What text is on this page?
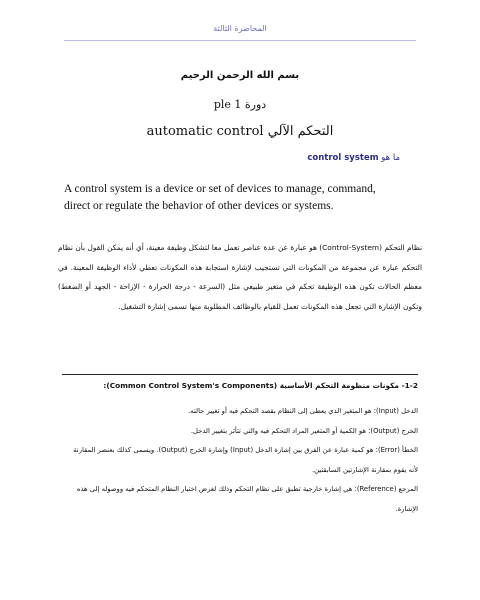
المحاضرة الثالثة
بسم الله الرحمن الرحيم
دورة ple 1
التحكم الآلي automatic control
ما هو control system
A control system is a device or set of devices to manage, command, direct or regulate the behavior of other devices or systems.
نظام التحكم (Control-System) هو عبارة عن عدة عناصر تعمل معا لتشكل وظيفة معينة، أي أنه يمكن القول بأن نظام التحكم عبارة عن مجموعة من المكونات التي تستجيب لإشارة استجابة هذه المكونات تعطي لأداء الوظيفة المعينة. في معظم الحالات تكون هذه الوظيفة تحكم في متغير طبيعي مثل (السرعة - درجة الحرارة - الإزاحة - الجهد أو الضغط) وتكون الإشارة التي تجعل هذه المكونات تعمل للقيام بالوظائف المطلوبة منها تسمى إشارة التشغيل.
1-2- مكونات منظومة التحكم الأساسية (Common Control System's Components):
الدخل (Input): هو المتغير الذي يعطى إلى النظام بقصد التحكم فيه أو تغيير حالته.
الخرج (Output): هو الكمية أو المتغير المراد التحكم فيه والتي تتأثر بتغيير الدخل.
الخطأ (Error): هو كمية عبارة عن الفرق بين إشارة الدخل (Input) وإشارة الخرج (Output). ويسمى كذلك بعنصر المقارنة لأنه يقوم بمقارنة الإشارتين السابقتين.
المرجع (Reference): هي إشارة خارجية تطبق على نظام التحكم وذلك لغرض اختبار النظام المتحكم فيه ووصوله إلى هذه الإشارة.
